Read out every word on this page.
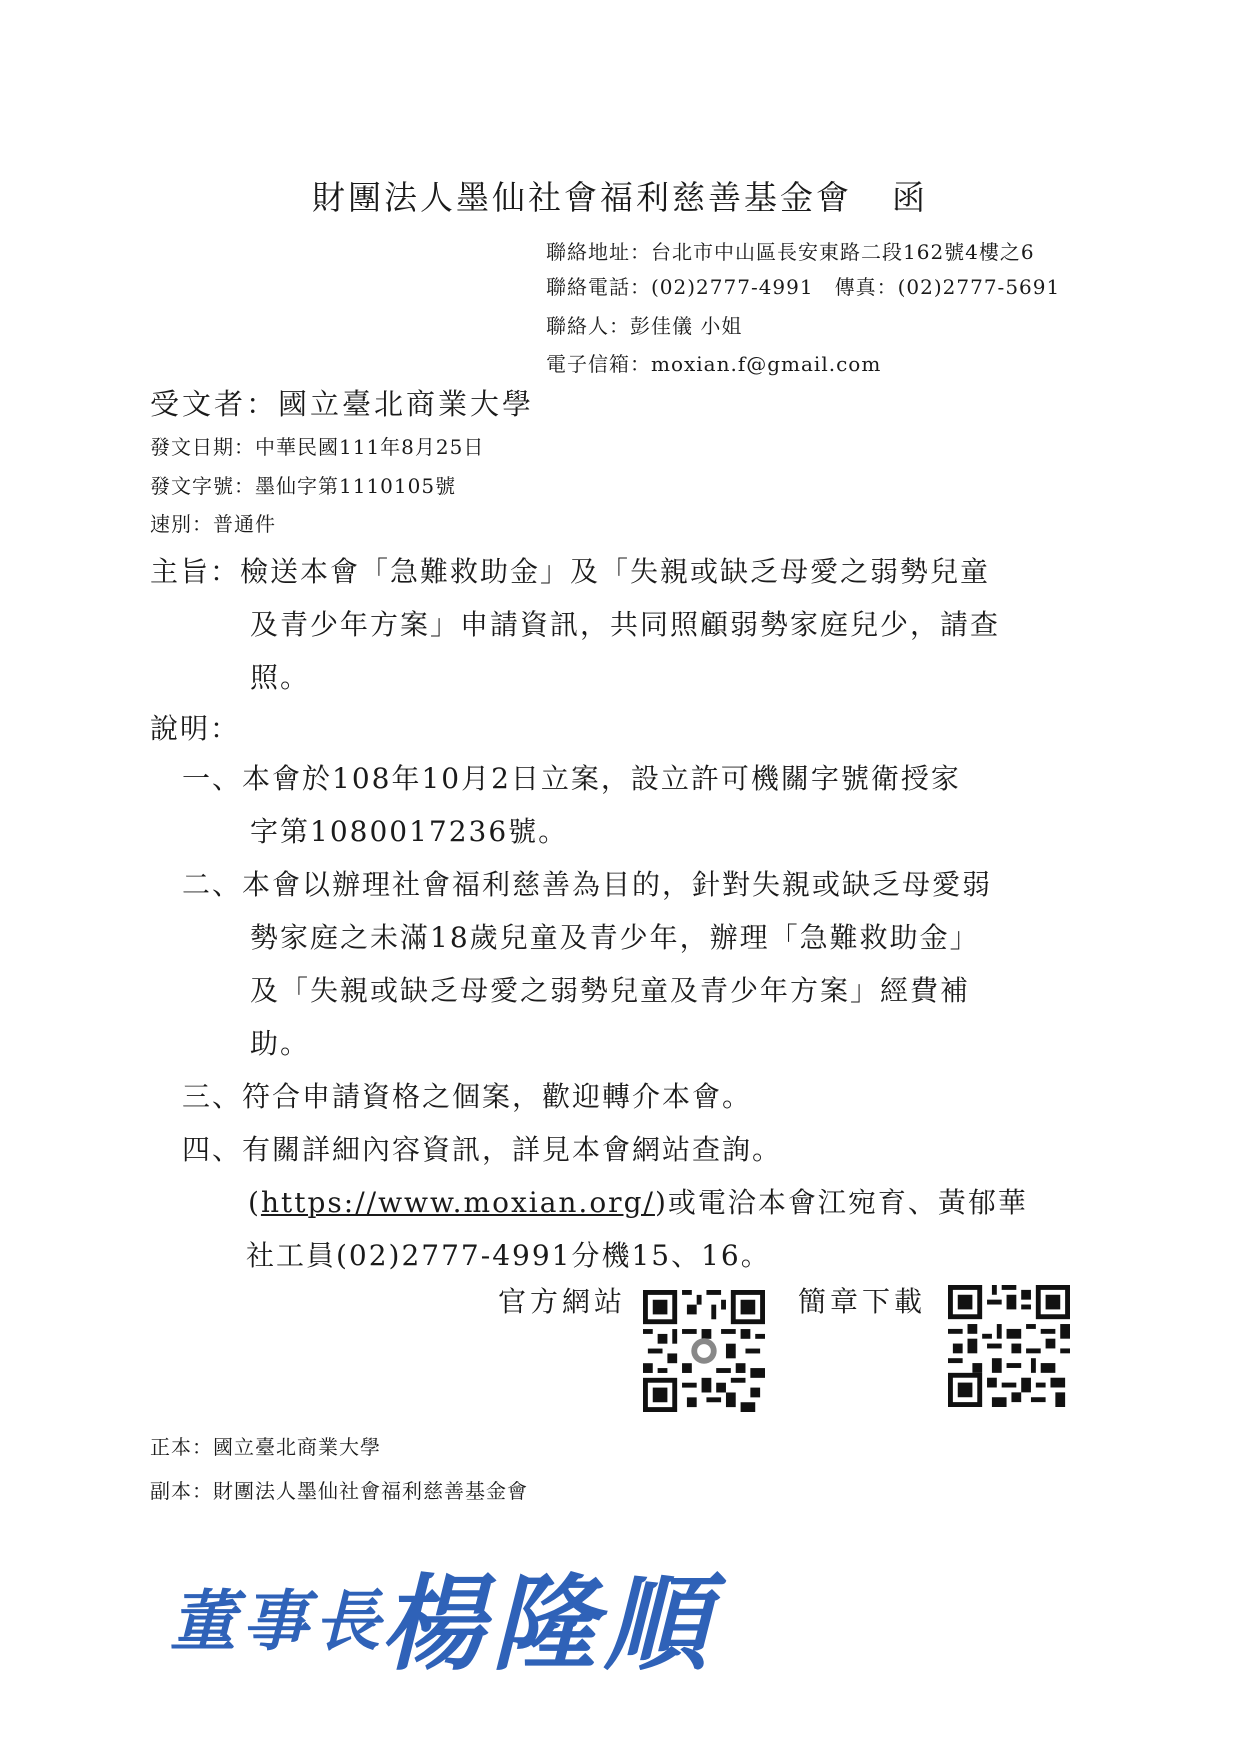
財團法人墨仙社會福利慈善基金會 函
聯絡地址：台北市中山區長安東路二段162號4樓之6
聯絡電話：(02)2777-4991　傳真：(02)2777-5691
聯絡人：彭佳儀 小姐
電子信箱：moxian.f@gmail.com
受文者：國立臺北商業大學
發文日期：中華民國111年8月25日
發文字號：墨仙字第1110105號
速別：普通件
主旨：檢送本會「急難救助金」及「失親或缺乏母愛之弱勢兒童
及青少年方案」申請資訊，共同照顧弱勢家庭兒少，請查
照。
說明：
一、本會於108年10月2日立案，設立許可機關字號衛授家
字第1080017236號。
二、本會以辦理社會福利慈善為目的，針對失親或缺乏母愛弱
勢家庭之未滿18歲兒童及青少年，辦理「急難救助金」
及「失親或缺乏母愛之弱勢兒童及青少年方案」經費補
助。
三、符合申請資格之個案，歡迎轉介本會。
四、有關詳細內容資訊，詳見本會網站查詢。
(https://www.moxian.org/)或電洽本會江宛育、黃郁華
社工員(02)2777-4991分機15、16。
官方網站	簡章下載
正本：國立臺北商業大學
副本：財團法人墨仙社會福利慈善基金會
董事長
楊隆順
